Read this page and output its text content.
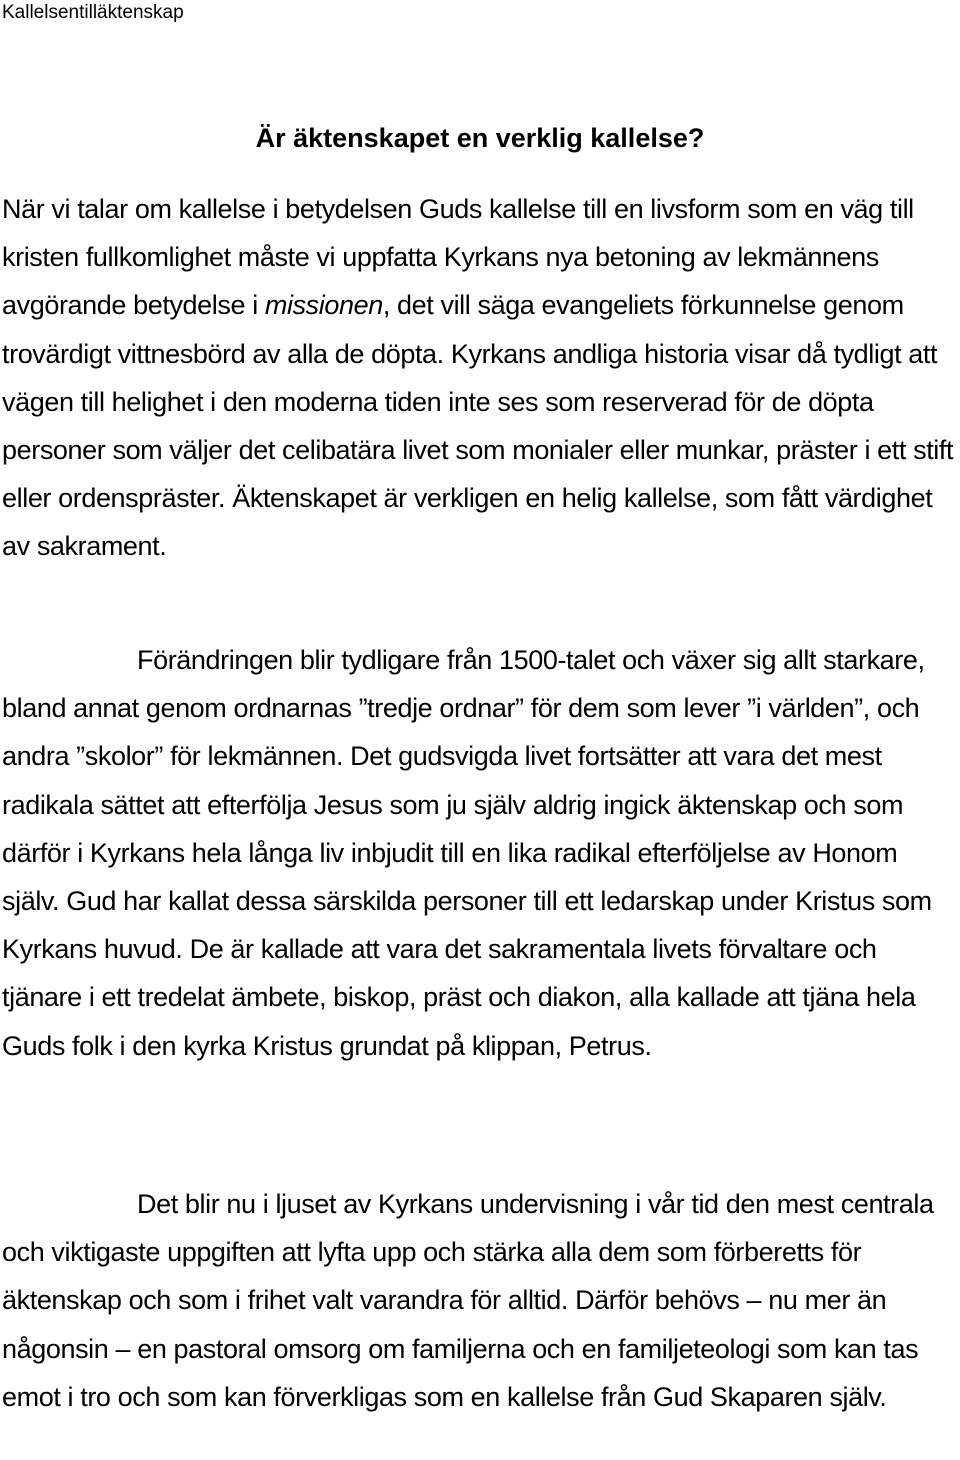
Kallelsentilläktenskap
Är äktenskapet en verklig kallelse?

När vi talar om kallelse i betydelsen Guds kallelse till en livsform som en väg till kristen fullkomlighet måste vi uppfatta Kyrkans nya betoning av lekmännens avgörande betydelse i missionen, det vill säga evangeliets förkunnelse genom trovärdigt vittnesbörd av alla de döpta. Kyrkans andliga historia visar då tydligt att vägen till helighet i den moderna tiden inte ses som reserverad för de döpta personer som väljer det celibatära livet som monialer eller munkar, präster i ett stift eller ordenspräster. Äktenskapet är verkligen en helig kallelse, som fått värdighet av sakrament.

Förändringen blir tydligare från 1500-talet och växer sig allt starkare, bland annat genom ordnarnas ”tredje ordnar” för dem som lever ”i världen”, och andra ”skolor” för lekmännen. Det gudsvigda livet fortsätter att vara det mest radikala sättet att efterfölja Jesus som ju själv aldrig ingick äktenskap och som därför i Kyrkans hela långa liv inbjudit till en lika radikal efterföljelse av Honom själv. Gud har kallat dessa särskilda personer till ett ledarskap under Kristus som Kyrkans huvud. De är kallade att vara det sakramentala livets förvaltare och tjänare i ett tredelat ämbete, biskop, präst och diakon, alla kallade att tjäna hela Guds folk i den kyrka Kristus grundat på klippan, Petrus.

Det blir nu i ljuset av Kyrkans undervisning i vår tid den mest centrala och viktigaste uppgiften att lyfta upp och stärka alla dem som förberetts för äktenskap och som i frihet valt varandra för alltid. Därför behövs – nu mer än någonsin – en pastoral omsorg om familjerna och en familjeteologi som kan tas emot i tro och som kan förverkligas som en kallelse från Gud Skaparen själv.
